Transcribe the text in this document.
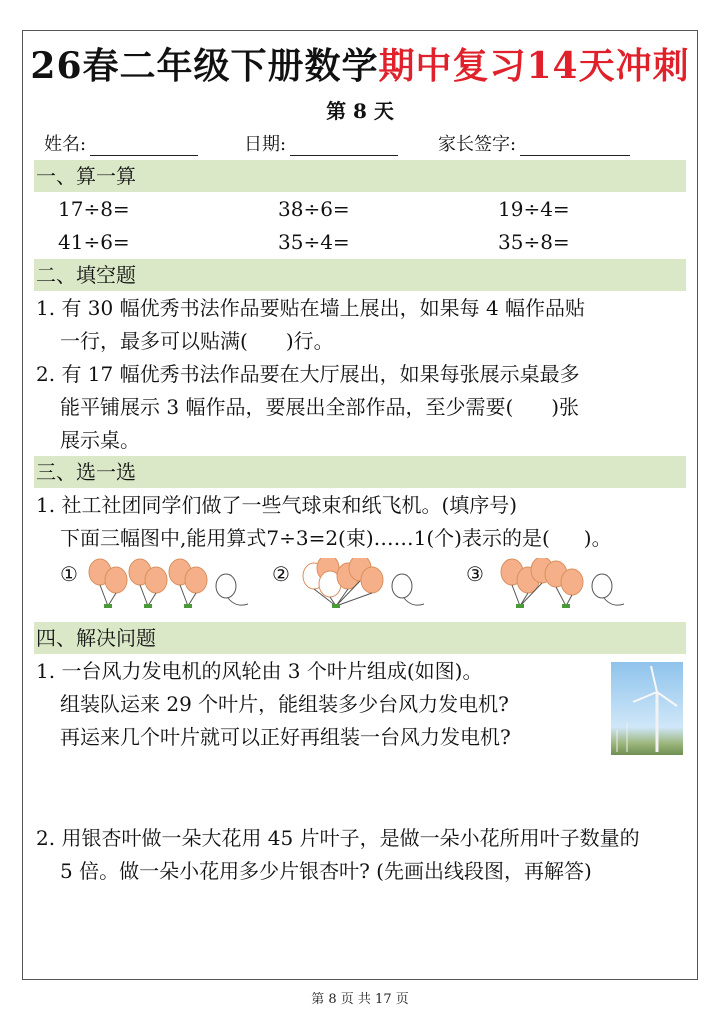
26春二年级下册数学期中复习14天冲刺
第 8 天
姓名:	日期:	家长签字:
一、算一算
17÷8=	38÷6=	19÷4=
41÷6=	35÷4=	35÷8=
二、填空题
1. 有 30 幅优秀书法作品要贴在墙上展出，如果每 4 幅作品贴
一行，最多可以贴满( )行。
2. 有 17 幅优秀书法作品要在大厅展出，如果每张展示桌最多
能平铺展示 3 幅作品，要展出全部作品，至少需要( )张
展示桌。
三、选一选
1. 社工社团同学们做了一些气球束和纸飞机。(填序号)
下面三幅图中,能用算式7÷3=2(束)……1(个)表示的是( )。
①	②	③
四、解决问题
1. 一台风力发电机的风轮由 3 个叶片组成(如图)。
组装队运来 29 个叶片，能组装多少台风力发电机?
再运来几个叶片就可以正好再组装一台风力发电机?
2. 用银杏叶做一朵大花用 45 片叶子，是做一朵小花所用叶子数量的
5 倍。做一朵小花用多少片银杏叶? (先画出线段图，再解答)
第 8 页 共 17 页
